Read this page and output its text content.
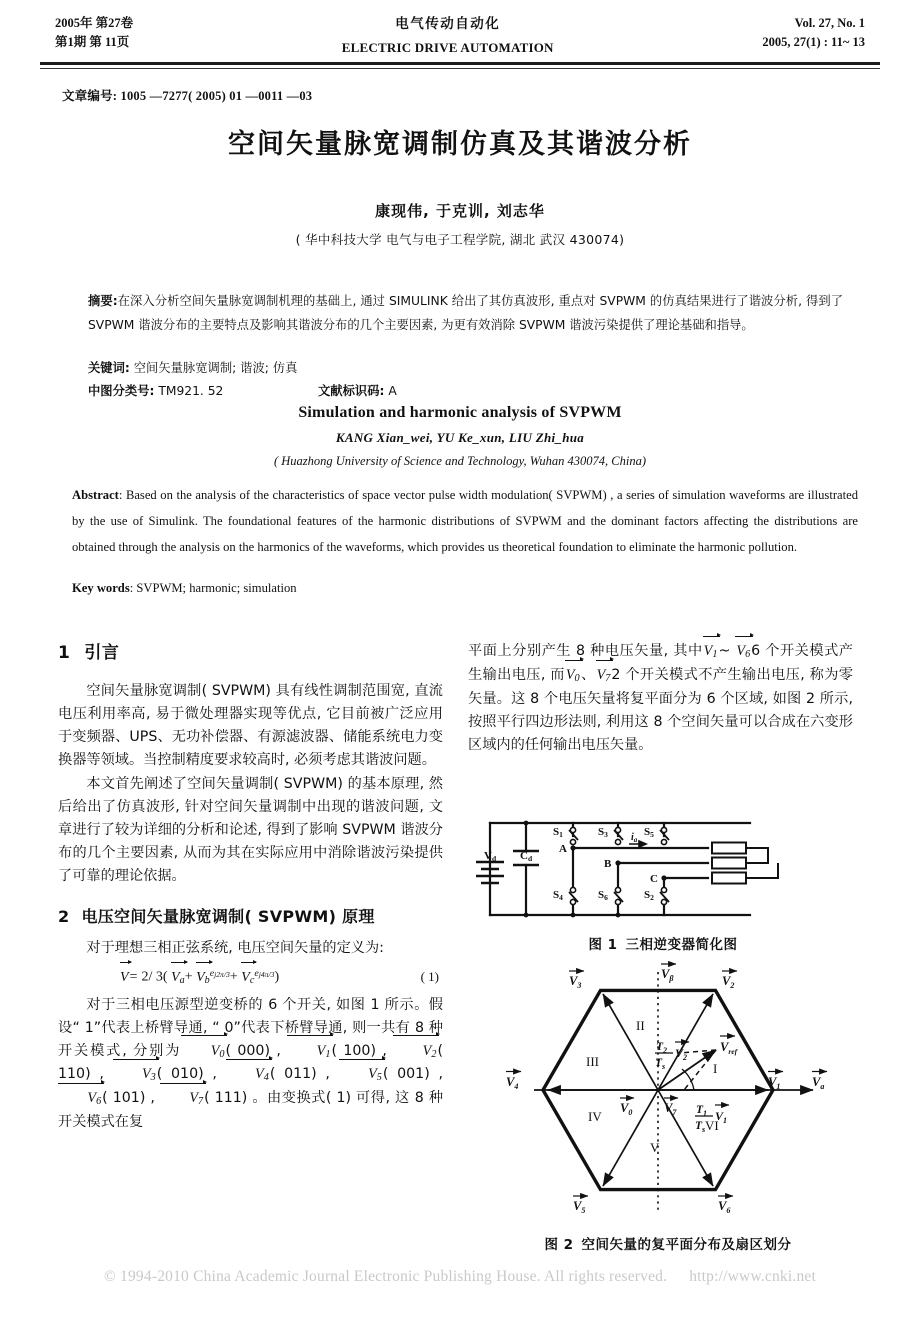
2005年 第27卷
第1期 第 11页
电气传动自动化
ELECTRIC DRIVE AUTOMATION
Vol. 27, No. 1
2005, 27(1) : 11~ 13
文章编号: 1005 —7277( 2005) 01 —0011 —03
空间矢量脉宽调制仿真及其谐波分析
康现伟, 于克训, 刘志华
( 华中科技大学 电气与电子工程学院, 湖北 武汉 430074)
摘要:在深入分析空间矢量脉宽调制机理的基础上, 通过 SIMULINK 给出了其仿真波形, 重点对 SVPWM 的仿真结果进行了谐波分析, 得到了 SVPWM 谐波分布的主要特点及影响其谐波分布的几个主要因素, 为更有效消除 SVPWM 谐波污染提供了理论基础和指导。
关键词: 空间矢量脉宽调制; 谐波; 仿真
中图分类号: TM921. 52	文献标识码: A
Simulation and harmonic analysis of SVPWM
KANG Xian_wei, YU Ke_xun, LIU Zhi_hua
( Huazhong University of Science and Technology, Wuhan 430074, China)
Abstract: Based on the analysis of the characteristics of space vector pulse width modulation( SVPWM) , a series of simulation waveforms are illustrated by the use of Simulink. The foundational features of the harmonic distributions of SVPWM and the dominant factors affecting the distributions are obtained through the analysis on the harmonics of the waveforms, which provides us theoretical foundation to eliminate the harmonic pollution.
Key words: SVPWM; harmonic; simulation
1 引言

空间矢量脉宽调制( SVPWM) 具有线性调制范围宽, 直流电压利用率高, 易于微处理器实现等优点, 它目前被广泛应用于变频器、UPS、无功补偿器、有源滤波器、储能系统电力变换器等领域。当控制精度要求较高时, 必须考虑其谐波问题。

本文首先阐述了空间矢量调制( SVPWM) 的基本原理, 然后给出了仿真波形, 针对空间矢量调制中出现的谐波问题, 文章进行了较为详细的分析和论述, 得到了影响 SVPWM 谐波分布的几个主要因素, 从而为其在实际应用中消除谐波污染提供了可靠的理论依据。

2 电压空间矢量脉宽调制( SVPWM) 原理

对于理想三相正弦系统, 电压空间矢量的定义为:

V= 2/ 3( $Va+ Vb^{ej2\pi/3}+ Vc^{ej4\pi/3}$)	( 1)

对于三相电压源型逆变桥的 6 个开关, 如图 1 所示。假设“ 1”代表上桥臂导通, “ 0”代表下桥臂导通, 则一共有 8 种开关模式, 分别为 V0( 000) ,	V1( 100) ,	V2( 110) ,	V3( 010) ,	V4( 011) ,	V5( 001) , V6( 101) , V7( 111) 。由变换式( 1) 可得, 这 8 种开关模式在复

平面上分别产生 8 种电压矢量, 其中V1~ V66 个开关模式产生输出电压, 而V0、V72 个开关模式不产生输出电压, 称为零矢量。这 8 个电压矢量将复平面分为 6 个区域, 如图 2 所示, 按照平行四边形法则, 利用这 8 个空间矢量可以合成在六变形区域内的任何输出电压矢量。

Vd Cd
S1	S3	S5
S4	S6	S2
A
B
C
$i_a$
图 1 三相逆变器简化图
$V_1$	$V_a$
$V_\beta$	$V_2$
$V_3$
$V_4$
$V_5$	$V_6$
$V_0$	$V_7$
$V_{ref}$
$T_2$
$T_s$
$V_2$
$T_1$
$T_s$
$V_1$
I
II
III
IV
V
VI
图 2 空间矢量的复平面分布及扇区划分
© 1994-2010 China Academic Journal Electronic Publishing House. All rights reserved. http://www.cnki.net
